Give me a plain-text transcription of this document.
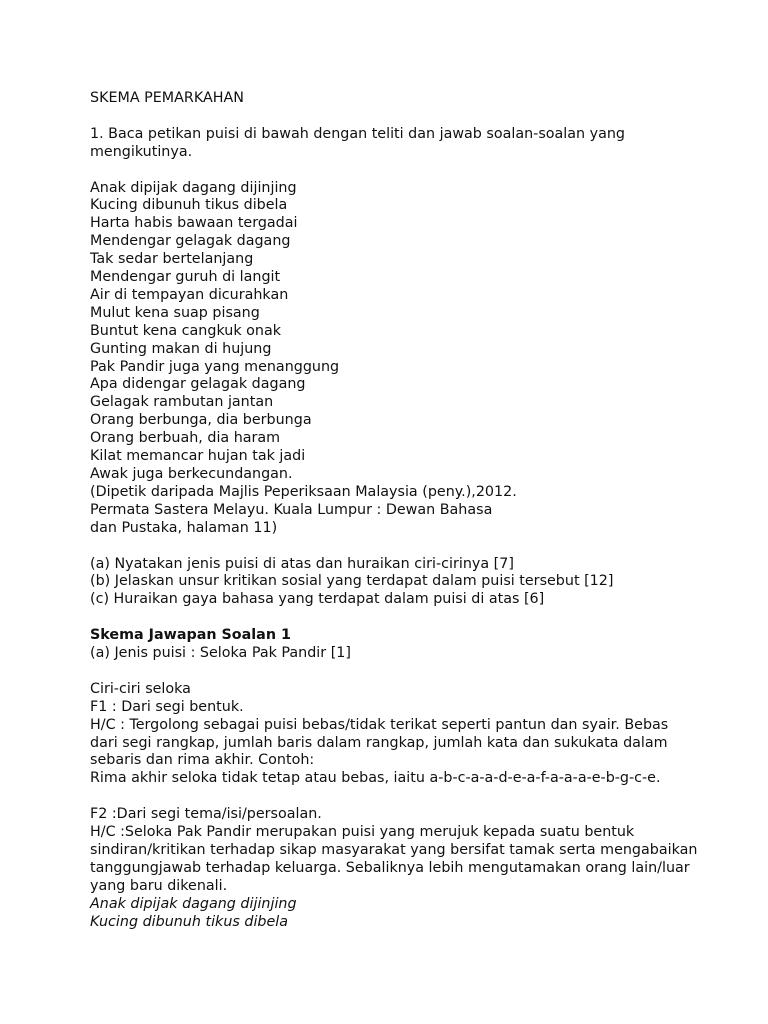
SKEMA PEMARKAHAN
1. Baca petikan puisi di bawah dengan teliti dan jawab soalan-soalan yang
mengikutinya.
Anak dipijak dagang dijinjing
Kucing dibunuh tikus dibela
Harta habis bawaan tergadai
Mendengar gelagak dagang
Tak sedar bertelanjang
Mendengar guruh di langit
Air di tempayan dicurahkan
Mulut kena suap pisang
Buntut kena cangkuk onak
Gunting makan di hujung
Pak Pandir juga yang menanggung
Apa didengar gelagak dagang
Gelagak rambutan jantan
Orang berbunga, dia berbunga
Orang berbuah, dia haram
Kilat memancar hujan tak jadi
Awak juga berkecundangan.
(Dipetik daripada Majlis Peperiksaan Malaysia (peny.),2012.
Permata Sastera Melayu. Kuala Lumpur : Dewan Bahasa
dan Pustaka, halaman 11)
(a) Nyatakan jenis puisi di atas dan huraikan ciri-cirinya [7]
(b) Jelaskan unsur kritikan sosial yang terdapat dalam puisi tersebut [12]
(c) Huraikan gaya bahasa yang terdapat dalam puisi di atas [6]
Skema Jawapan Soalan 1
(a) Jenis puisi : Seloka Pak Pandir [1]
Ciri-ciri seloka
F1 : Dari segi bentuk.
H/C : Tergolong sebagai puisi bebas/tidak terikat seperti pantun dan syair. Bebas
dari segi rangkap, jumlah baris dalam rangkap, jumlah kata dan sukukata dalam
sebaris dan rima akhir. Contoh:
Rima akhir seloka tidak tetap atau bebas, iaitu a-b-c-a-a-d-e-a-f-a-a-a-e-b-g-c-e.
F2 :Dari segi tema/isi/persoalan.
H/C :Seloka Pak Pandir merupakan puisi yang merujuk kepada suatu bentuk
sindiran/kritikan terhadap sikap masyarakat yang bersifat tamak serta mengabaikan
tanggungjawab terhadap keluarga. Sebaliknya lebih mengutamakan orang lain/luar
yang baru dikenali.
Anak dipijak dagang dijinjing
Kucing dibunuh tikus dibela
